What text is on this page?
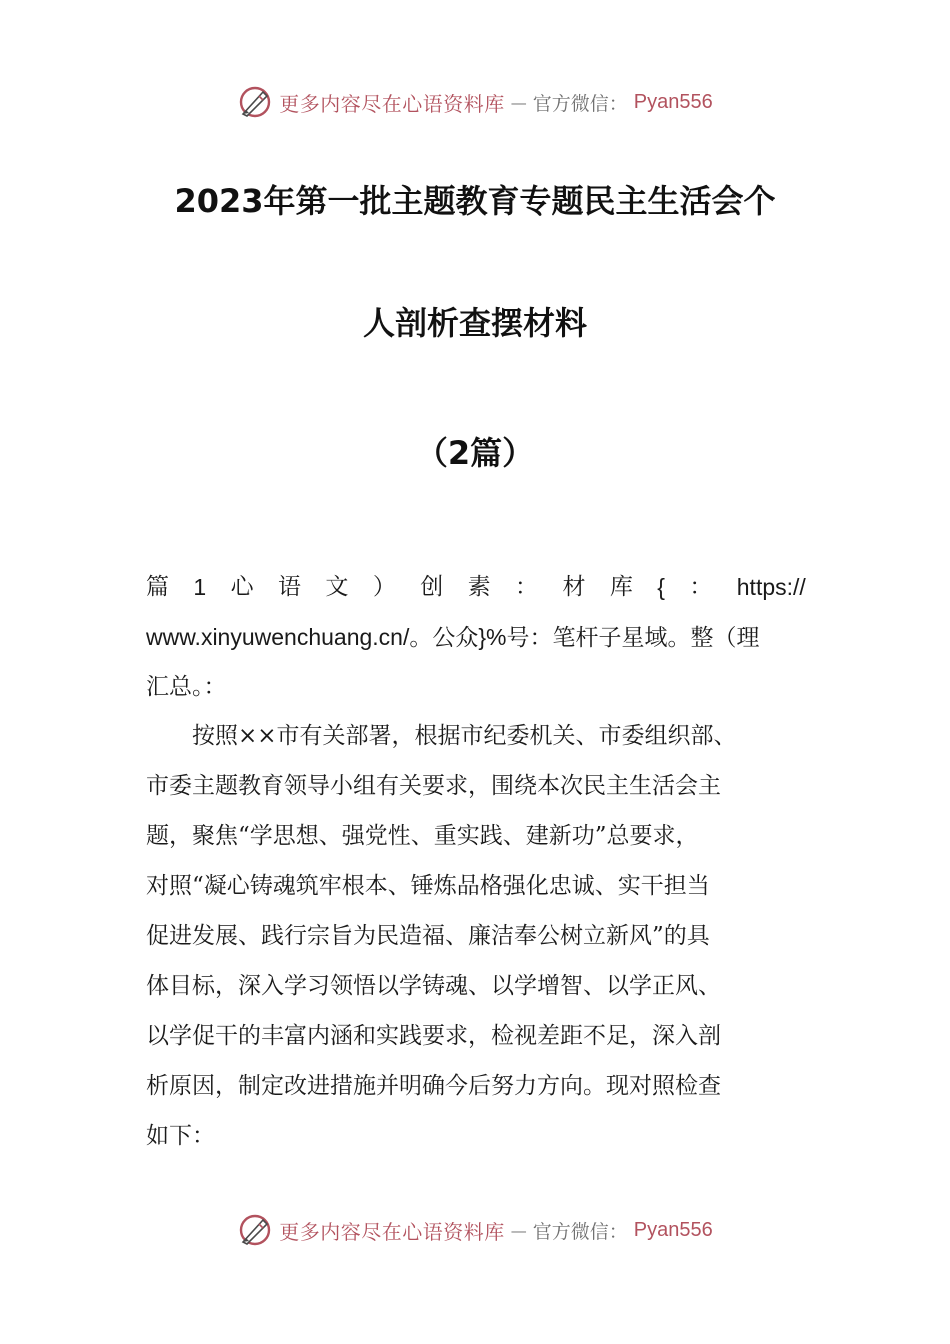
更多内容尽在心语资料库 — 官方微信： Pyan556
2023年第一批主题教育专题民主生活会个
人剖析查摆材料
（2篇）
篇 1 心 语 文 ） 创 素 ： 材 库 { ： https://
www.xinyuwenchuang.cn/。公众}%号：笔杆子星域。整（理
汇总。：
　　按照××市有关部署，根据市纪委机关、市委组织部、
市委主题教育领导小组有关要求，围绕本次民主生活会主
题，聚焦“学思想、强党性、重实践、建新功”总要求，
对照“凝心铸魂筑牢根本、锤炼品格强化忠诚、实干担当
促进发展、践行宗旨为民造福、廉洁奉公树立新风”的具
体目标，深入学习领悟以学铸魂、以学增智、以学正风、
以学促干的丰富内涵和实践要求，检视差距不足，深入剖
析原因，制定改进措施并明确今后努力方向。现对照检查
如下：
更多内容尽在心语资料库 — 官方微信： Pyan556
